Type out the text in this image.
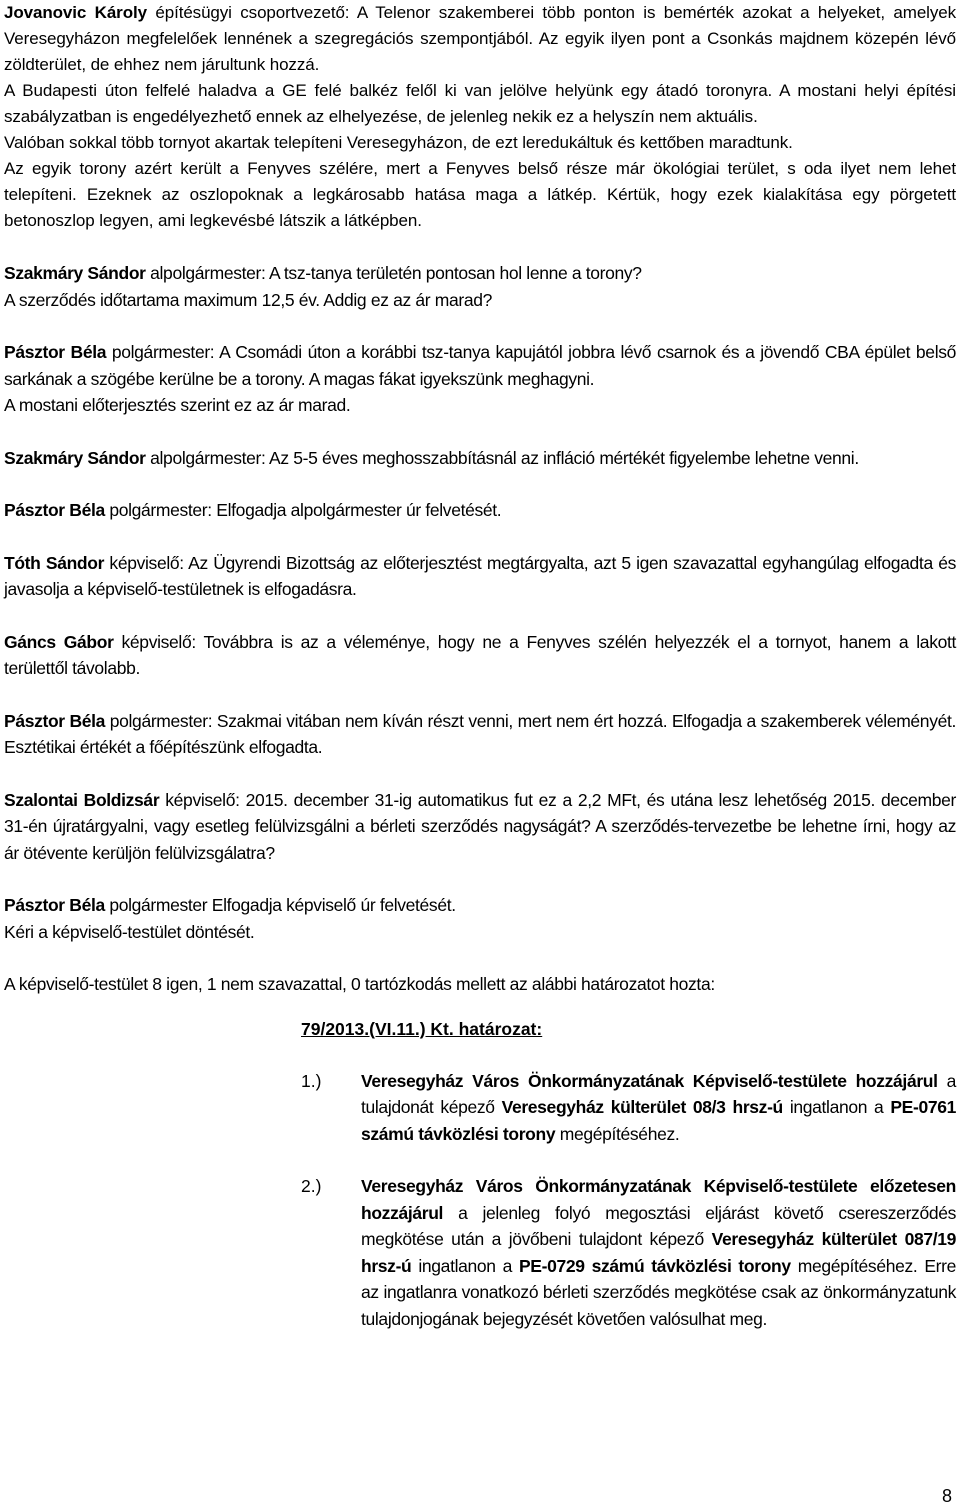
Jovanovic Károly építésügyi csoportvezető: A Telenor szakemberei több ponton is bemérték azokat a helyeket, amelyek Veresegyházon megfelelőek lennének a szegregációs szempontjából. Az egyik ilyen pont a Csonkás majdnem közepén lévő zöldterület, de ehhez nem járultunk hozzá.

A Budapesti úton felfelé haladva a GE felé balkéz felől ki van jelölve helyünk egy átadó toronyra. A mostani helyi építési szabályzatban is engedélyezhető ennek az elhelyezése, de jelenleg nekik ez a helyszín nem aktuális.

Valóban sokkal több tornyot akartak telepíteni Veresegyházon, de ezt leredukáltuk és kettőben maradtunk.

Az egyik torony azért került a Fenyves szélére, mert a Fenyves belső része már ökológiai terület, s oda ilyet nem lehet telepíteni. Ezeknek az oszlopoknak a legkárosabb hatása maga a látkép. Kértük, hogy ezek kialakítása egy pörgetett betonoszlop legyen, ami legkevésbé látszik a látképben.

Szakmáry Sándor alpolgármester: A tsz-tanya területén pontosan hol lenne a torony?

A szerződés időtartama maximum 12,5 év. Addig ez az ár marad?

Pásztor Béla polgármester: A Csomádi úton a korábbi tsz-tanya kapujától jobbra lévő csarnok és a jövendő CBA épület belső sarkának a szögébe kerülne be a torony. A magas fákat igyekszünk meghagyni.

A mostani előterjesztés szerint ez az ár marad.

Szakmáry Sándor alpolgármester: Az 5-5 éves meghosszabbításnál az infláció mértékét figyelembe lehetne venni.

Pásztor Béla polgármester: Elfogadja alpolgármester úr felvetését.

Tóth Sándor képviselő: Az Ügyrendi Bizottság az előterjesztést megtárgyalta, azt 5 igen szavazattal egyhangúlag elfogadta és javasolja a képviselő-testületnek is elfogadásra.

Gáncs Gábor képviselő: Továbbra is az a véleménye, hogy ne a Fenyves szélén helyezzék el a tornyot, hanem a lakott területtől távolabb.

Pásztor Béla polgármester: Szakmai vitában nem kíván részt venni, mert nem ért hozzá. Elfogadja a szakemberek véleményét. Esztétikai értékét a főépítészünk elfogadta.

Szalontai Boldizsár képviselő: 2015. december 31-ig automatikus fut ez a 2,2 MFt, és utána lesz lehetőség 2015. december 31-én újratárgyalni, vagy esetleg felülvizsgálni a bérleti szerződés nagyságát? A szerződés-tervezetbe be lehetne írni, hogy az ár ötévente kerüljön felülvizsgálatra?

Pásztor Béla polgármester Elfogadja képviselő úr felvetését.

Kéri a képviselő-testület döntését.

A képviselő-testület 8 igen, 1 nem szavazattal, 0 tartózkodás mellett az alábbi határozatot hozta:

79/2013.(VI.11.) Kt. határozat:
1.)	Veresegyház Város Önkormányzatának Képviselő-testülete hozzájárul a tulajdonát képező Veresegyház külterület 08/3 hrsz-ú ingatlanon a PE-0761 számú távközlési torony megépítéséhez.

2.)	Veresegyház Város Önkormányzatának Képviselő-testülete előzetesen hozzájárul a jelenleg folyó megosztási eljárást követő csereszerződés megkötése után a jövőbeni tulajdont képező Veresegyház külterület 087/19 hrsz-ú ingatlanon a PE-0729 számú távközlési torony megépítéséhez. Erre az ingatlanra vonatkozó bérleti szerződés megkötése csak az önkormányzatunk tulajdonjogának bejegyzését követően valósulhat meg.

8
